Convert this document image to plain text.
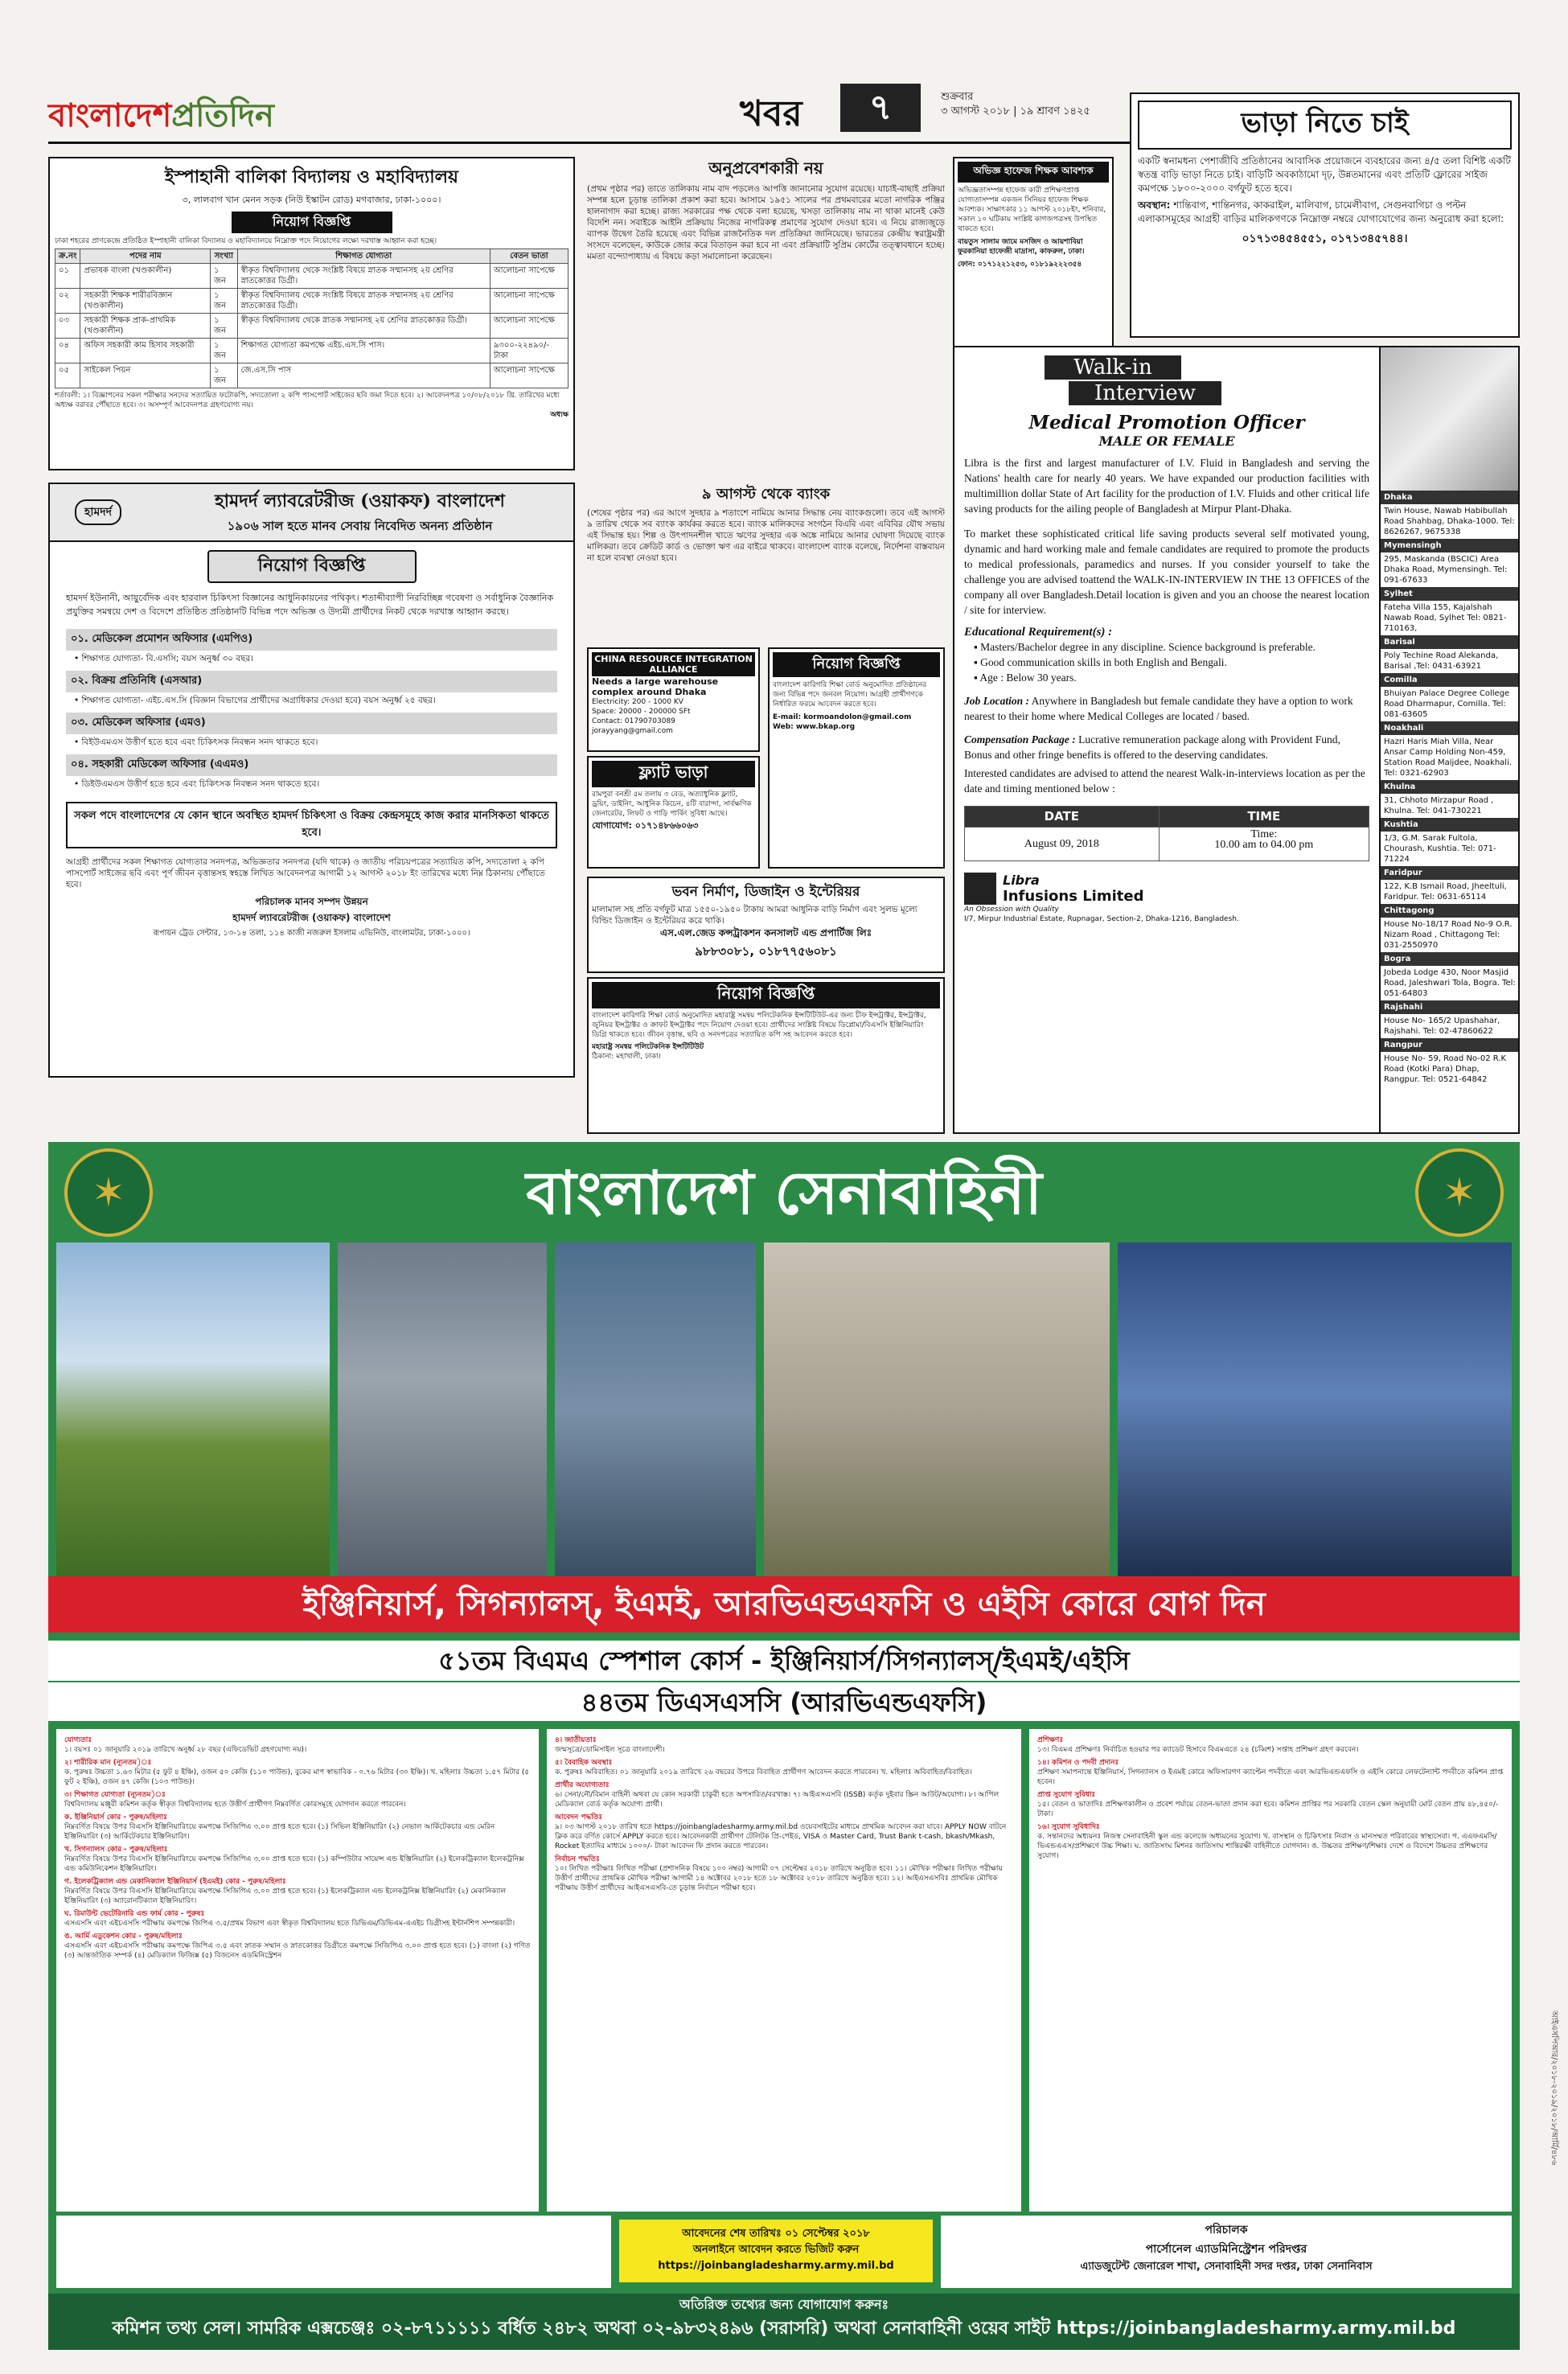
বাংলাদেশপ্রতিদিন	খবর	৭	শুক্রবার
৩ আগস্ট ২০১৮ | ১৯ শ্রাবণ ১৪২৫
ইস্পাহানী বালিকা বিদ্যালয় ও মহাবিদ্যালয়
৩, লালবাগ খান মেনন সড়ক (নিউ ইস্কাটন রোড) মগবাজার, ঢাকা-১০০০।
নিয়োগ বিজ্ঞপ্তি
ঢাকা শহরের প্রাণকেন্দ্রে প্রতিষ্ঠিত ইস্পাহানী বালিকা বিদ্যালয় ও মহাবিদ্যালয়ে নিম্নোক্ত পদে নিয়োগের লক্ষ্যে দরখাস্ত আহ্বান করা হচ্ছে।
ক্র.নং	পদের নাম	সংখ্যা	শিক্ষাগত যোগ্যতা	বেতন ভাতা
০১	প্রভাষক বাংলা (খণ্ডকালীন)	১ জন	স্বীকৃত বিশ্ববিদ্যালয় থেকে সংশ্লিষ্ট বিষয়ে স্নাতক সম্মানসহ ২য় শ্রেণির স্নাতকোত্তর ডিগ্রী।	আলোচনা সাপেক্ষে
০২	সহকারী শিক্ষক শারীরবিজ্ঞান (খণ্ডকালীন)	১ জন	স্বীকৃত বিশ্ববিদ্যালয় থেকে সংশ্লিষ্ট বিষয়ে স্নাতক সম্মানসহ ২য় শ্রেণির স্নাতকোত্তর ডিগ্রী।	আলোচনা সাপেক্ষে
০৩	সহকারী শিক্ষক প্রাক-প্রাথমিক (খণ্ডকালীন)	১ জন	স্বীকৃত বিশ্ববিদ্যালয় থেকে স্নাতক সম্মানসহ ২য় শ্রেণির স্নাতকোত্তর ডিগ্রী।	আলোচনা সাপেক্ষে
০৪	অফিস সহকারী কাম হিসাব সহকারী	১ জন	শিক্ষাগত যোগ্যতা কমপক্ষে এইচ.এস.সি পাস।	৯৩০০-২২৪৯০/- টাকা
০৫	সাইকেল পিয়ন	১ জন	জে.এস.সি পাস	আলোচনা সাপেক্ষে
শর্তাবলী: ১। বিজ্ঞাপনের সকল পরীক্ষার সনদের সত্যায়িত ফটোকপি, সদ্যতোলা ২ কপি পাসপোর্ট সাইজের ছবি জমা দিতে হবে। ২। আবেদনপত্র ১০/০৮/২০১৮ খ্রি. তারিখের মধ্যে অধ্যক্ষ বরাবর পৌঁছাতে হবে। ৩। অসম্পূর্ণ আবেদনপত্র গ্রহণযোগ্য নয়।
অধ্যক্ষ
হামদর্দ
হামদর্দ ল্যাবরেটরীজ (ওয়াকফ) বাংলাদেশ
১৯০৬ সাল হতে মানব সেবায় নিবেদিত অনন্য প্রতিষ্ঠান
নিয়োগ বিজ্ঞপ্তি
হামদর্দ ইউনানী, আয়ুর্বেদিক এবং হারবাল চিকিৎসা বিজ্ঞানের আধুনিকায়নের পথিকৃৎ। শতাব্দীব্যাপী নিরবিচ্ছিন্ন গবেষণা ও সর্বাধুনিক বৈজ্ঞানিক প্রযুক্তির সমন্বয়ে দেশ ও বিদেশে প্রতিষ্ঠিত প্রতিষ্ঠানটি বিভিন্ন পদে অভিজ্ঞ ও উদ্যমী প্রার্থীদের নিকট থেকে দরখাস্ত আহ্বান করছে।
০১. মেডিকেল প্রমোশন অফিসার (এমপিও)
• শিক্ষাগত যোগ্যতা- বি.এসসি; বয়স অনুর্ধ্ব ৩০ বছর।
০২. বিক্রয় প্রতিনিধি (এসআর)
• শিক্ষাগত যোগ্যতা- এইচ.এস.সি (বিজ্ঞান বিভাগের প্রার্থীদের অগ্রাধিকার দেওয়া হবে) বয়স অনুর্ধ্ব ২৫ বছর।
০৩. মেডিকেল অফিসার (এমও)
• বিইউএমএস উত্তীর্ণ হতে হবে এবং চিকিৎসক নিবন্ধন সনদ থাকতে হবে।
০৪. সহকারী মেডিকেল অফিসার (এএমও)
• ডিইউএমএস উত্তীর্ণ হতে হবে এবং চিকিৎসক নিবন্ধন সনদ থাকতে হবে।
সকল পদে বাংলাদেশের যে কোন স্থানে অবস্থিত হামদর্দ চিকিৎসা ও বিক্রয় কেন্দ্রসমূহে কাজ করার মানসিকতা থাকতে হবে।
আগ্রহী প্রার্থীদের সকল শিক্ষাগত যোগ্যতার সনদপত্র, অভিজ্ঞতার সনদপত্র (যদি থাকে) ও জাতীয় পরিচয়পত্রের সত্যায়িত কপি, সদ্যতোলা ২ কপি পাসপোর্ট সাইজের ছবি এবং পূর্ণ জীবন বৃত্তান্তসহ স্বহস্তে লিখিত আবেদনপত্র আগামী ১২ আগস্ট ২০১৮ ইং তারিখের মধ্যে নিম্ন ঠিকানায় পৌঁছাতে হবে।
পরিচালক মানব সম্পদ উন্নয়ন
হামদর্দ ল্যাবরেটরীজ (ওয়াকফ) বাংলাদেশ
রূপায়ন ট্রেড সেন্টার, ১৩-১৪ তলা, ১১৪ কাজী নজরুল ইসলাম এভিনিউ, বাংলামটর, ঢাকা-১০০০।
অনুপ্রবেশকারী নয়
(প্রথম পৃষ্ঠার পর) তাতে তালিকায় নাম বাদ পড়লেও আপত্তি জানানোর সুযোগ রয়েছে। যাচাই-বাছাই প্রক্রিয়া সম্পন্ন হলে চূড়ান্ত তালিকা প্রকাশ করা হবে। আসামে ১৯৫১ সালের পর প্রথমবারের মতো নাগরিক পঞ্জির হালনাগাদ করা হচ্ছে। রাজ্য সরকারের পক্ষ থেকে বলা হয়েছে, খসড়া তালিকায় নাম না থাকা মানেই কেউ বিদেশি নন। সবাইকে আইনি প্রক্রিয়ায় নিজের নাগরিকত্ব প্রমাণের সুযোগ দেওয়া হবে। এ নিয়ে রাজ্যজুড়ে ব্যাপক উদ্বেগ তৈরি হয়েছে এবং বিভিন্ন রাজনৈতিক দল প্রতিক্রিয়া জানিয়েছে। ভারতের কেন্দ্রীয় স্বরাষ্ট্রমন্ত্রী সংসদে বলেছেন, কাউকে জোর করে বিতাড়ন করা হবে না এবং প্রক্রিয়াটি সুপ্রিম কোর্টের তত্ত্বাবধানে হচ্ছে। মমতা বন্দ্যোপাধ্যায় এ বিষয়ে কড়া সমালোচনা করেছেন।
অভিজ্ঞ হাফেজ শিক্ষক আবশ্যক
অভিজ্ঞতাসম্পন্ন হাফেজ কারী প্রশিক্ষণপ্রাপ্ত যোগ্যতাসম্পন্ন একজন সিনিয়র হাফেজ শিক্ষক আবশ্যক। সাক্ষাৎকার ১১ আগস্ট ২০১৮ইং, শনিবার, সকাল ১০ ঘটিকায় সংশ্লিষ্ট কাগজপত্রসহ উপস্থিত থাকতে হবে।
বায়তুস সালাম জামে মসজিদ ও আয়শাবিয়া ফুরকানিয়া হাফেজী মাদ্রাসা, কাফরুল, ঢাকা।
ফোন: ০১৭১২২১২৫৩, ০১৮১৯২২২৩৫৪
৯ আগস্ট থেকে ব্যাংক
(শেষের পৃষ্ঠার পর) এর আগে সুদহার ৯ শতাংশে নামিয়ে আনার সিদ্ধান্ত নেয় ব্যাংকগুলো। তবে এই আগস্ট ৯ তারিখ থেকে সব ব্যাংক কার্যকর করতে হবে। ব্যাংক মালিকদের সংগঠন বিএবি এবং এবিবির যৌথ সভায় এই সিদ্ধান্ত হয়। শিল্প ও উৎপাদনশীল খাতে ঋণের সুদহার এক অঙ্কে নামিয়ে আনার ঘোষণা দিয়েছে ব্যাংক মালিকরা। তবে ক্রেডিট কার্ড ও ভোক্তা ঋণ এর বাইরে থাকবে। বাংলাদেশ ব্যাংক বলেছে, নির্দেশনা বাস্তবায়ন না হলে ব্যবস্থা নেওয়া হবে।
CHINA RESOURCE INTEGRATION ALLIANCE
Needs a large warehouse complex around Dhaka
Electricity: 200 - 1000 KV
Space: 20000 - 200000 SFt
Contact: 01790703089
jorayyang@gmail.com
ফ্ল্যাট ভাড়া
রামপুরা বনশ্রী ৫ম তলায় ৩ বেড, অত্যাধুনিক ফ্ল্যাট, ড্রয়িং, ডাইনিং, আধুনিক কিচেন, ৪টি বারান্দা, সার্বক্ষণিক জেনারেটর, লিফট ও গাড়ি পার্কিং সুবিধা আছে।
যোগাযোগ: ০১৭১৪৮৬৬০৬৩
নিয়োগ বিজ্ঞপ্তি
বাংলাদেশ কারিগরি শিক্ষা বোর্ড অনুমোদিত প্রতিষ্ঠানের জন্য বিভিন্ন পদে জনবল নিয়োগ। আগ্রহী প্রার্থীগণকে নির্ধারিত ফরমে আবেদন করতে হবে।
E-mail: kormoandolon@gmail.com
Web: www.bkap.org
ভবন নির্মাণ, ডিজাইন ও ইন্টেরিয়র
মালামাল সহ প্রতি বর্গফুট মাত্র ১৫৫০-১৯৫০ টাকায় আমরা আধুনিক বাড়ি নির্মাণ এবং সুলভ মূল্যে বিল্ডিং ডিজাইন ও ইন্টেরিয়র করে থাকি।
এস.এল.জেড কন্সট্রাকশন কনসালট এন্ড প্রপার্টিজ লিঃ
৯৮৮৩০৮১, ০১৮৭৭৫৬০৮১
নিয়োগ বিজ্ঞপ্তি
বাংলাদেশ কারিগরি শিক্ষা বোর্ড অনুমোদিত মহারাষ্ট্র সমন্বয় পলিটেকনিক ইন্সটিটিউট-এর জন্য চীফ ইন্সট্রাক্টর, ইন্সট্রাক্টর, জুনিয়র ইন্সট্রাক্টর ও ক্রাফট ইন্সট্রাক্টর পদে নিয়োগ দেওয়া হবে। প্রার্থীদের সংশ্লিষ্ট বিষয়ে ডিপ্লোমা/বিএসসি ইঞ্জিনিয়ারিং ডিগ্রি থাকতে হবে। জীবন বৃত্তান্ত, ছবি ও সনদপত্রের সত্যায়িত কপি সহ আবেদন করতে হবে।
মহারাষ্ট্র সমন্বয় পলিটেকনিক ইন্সটিটিউট
ঠিকানা: মহাখালী, ঢাকা।
ভাড়া নিতে চাই
একটি স্বনামধন্য পেশাজীবি প্রতিষ্ঠানের আবাসিক প্রয়োজনে ব্যবহারের জন্য ৪/৫ তলা বিশিষ্ট একটি স্বতন্ত্র বাড়ি ভাড়া নিতে চাই। বাড়িটি অবকাঠামো দৃঢ়, উন্নতমানের এবং প্রতিটি ফ্লোরের সাইজ কমপক্ষে ১৮০০-২০০০ বর্গফুট হতে হবে।
অবস্থান: শান্তিবাগ, শান্তিনগর, কাকরাইল, মালিবাগ, চামেলীবাগ, সেগুনবাগিচা ও পল্টন এলাকাসমূহের আগ্রহী বাড়ির মালিকগণকে নিম্নোক্ত নম্বরে যোগাযোগের জন্য অনুরোধ করা হলো:
০১৭১৩৪৫৪৫৫১, ০১৭১৩৪৫৭৪৪।
Walk-in
Interview
Medical Promotion Officer
MALE OR FEMALE
Libra is the first and largest manufacturer of I.V. Fluid in Bangladesh and serving the Nations' health care for nearly 40 years. We have expanded our production facilities with multimillion dollar State of Art facility for the production of I.V. Fluids and other critical life saving products for the ailing people of Bangladesh at Mirpur Plant-Dhaka.
To market these sophisticated critical life saving products several self motivated young, dynamic and hard working male and female candidates are required to promote the products to medical professionals, paramedics and nurses. If you consider yourself to take the challenge you are advised toattend the WALK-IN-INTERVIEW IN THE 13 OFFICES of the company all over Bangladesh.Detail location is given and you an choose the nearest location / site for interview.
Educational Requirement(s) :
▪ Masters/Bachelor degree in any discipline. Science background is preferable.
▪ Good communication skills in both English and Bengali.
▪ Age : Below 30 years.
Job Location : Anywhere in Bangladesh but female candidate they have a option to work nearest to their home where Medical Colleges are located / based.
Compensation Package : Lucrative remuneration package along with Provident Fund, Bonus and other fringe benefits is offered to the deserving candidates.
Interested candidates are advised to attend the nearest Walk-in-interviews location as per the date and timing mentioned below :
DATE	TIME
August 09, 2018	Time:
10.00 am to 04.00 pm
Libra
Infusions Limited
An Obsession with Quality
I/7, Mirpur Industrial Estate, Rupnagar, Section-2, Dhaka-1216, Bangladesh.
Dhaka
Twin House, Nawab Habibullah Road Shahbag, Dhaka-1000. Tel: 8626267, 9675338
Mymensingh
295, Maskanda (BSCIC) Area Dhaka Road, Mymensingh. Tel: 091-67633
Sylhet
Fateha Villa 155, Kajalshah Nawab Road, Sylhet Tel: 0821-710163,
Barisal
Poly Techine Road Alekanda, Barisal ,Tel: 0431-63921
Comilla
Bhuiyan Palace Degree College Road Dharmapur, Comilla. Tel: 081-63605
Noakhali
Hazri Haris Miah Villa, Near Ansar Camp Holding Non-459, Station Road Maijdee, Noakhali. Tel: 0321-62903
Khulna
31, Chhoto Mirzapur Road , Khulna. Tel: 041-730221
Kushtia
1/3, G.M. Sarak Fultola, Chourash, Kushtia. Tel: 071-71224
Faridpur
122, K.B Ismail Road, Jheeltuli, Faridpur. Tel: 0631-65114
Chittagong
House No-18/17 Road No-9 O.R. Nizam Road , Chittagong Tel: 031-2550970
Bogra
Jobeda Lodge 430, Noor Masjid Road, Jaleshwari Tola, Bogra. Tel: 051-64803
Rajshahi
House No- 165/2 Upashahar, Rajshahi. Tel: 02-47860622
Rangpur
House No- 59, Road No-02 R.K Road (Kotki Para) Dhap, Rangpur. Tel: 0521-64842
✶	✶
বাংলাদেশ সেনাবাহিনী
ইঞ্জিনিয়ার্স, সিগন্যালস্, ইএমই, আরভিএন্ডএফসি ও এইসি কোরে যোগ দিন
৫১তম বিএমএ স্পেশাল কোর্স - ইঞ্জিনিয়ার্স/সিগন্যালস্/ইএমই/এইসি
৪৪তম ডিএসএসসি (আরভিএন্ডএফসি)
যোগ্যতাঃ
১। বয়সঃ ০১ জানুয়ারি ২০১৯ তারিখে অনুর্ধ্ব ২৮ বছর (এফিডেভিট গ্রহণযোগ্য নয়)।
২। শারীরিক মান (ন্যূনতম)ঃ
ক. পুরুষঃ উচ্চতা ১.৬৩ মিটার (৫ ফুট ৪ ইঞ্চি), ওজন ৫০ কেজি (১১০ পাউন্ড), বুকের মাপ স্বাভাবিক - ০.৭৬ মিটার (৩০ ইঞ্চি)। খ. মহিলাঃ উচ্চতা ১.৫৭ মিটার (৫ ফুট ২ ইঞ্চি), ওজন ৪৭ কেজি (১০৩ পাউন্ড)।
৩। শিক্ষাগত যোগ্যতা (ন্যূনতম)ঃ
বিশ্ববিদ্যালয় মঞ্জুরী কমিশন কর্তৃক স্বীকৃত বিশ্ববিদ্যালয় হতে উত্তীর্ণ প্রার্থীগণ নিম্নবর্ণিত কোরসমূহে যোগদান করতে পারবেন।
ক. ইঞ্জিনিয়ার্স কোর - পুরুষ/মহিলাঃ
নিম্নবর্ণিত বিষয়ে উপর বিএসসি ইঞ্জিনিয়ারিংয়ে কমপক্ষে সিজিপিএ ৩.০০ প্রাপ্ত হতে হবে। (১) সিভিল ইঞ্জিনিয়ারিং (২) নেভাল আর্কিটেকচার এন্ড মেরিন ইঞ্জিনিয়ারিং (৩) আর্কিটেকচার ইঞ্জিনিয়ারিং।
খ. সিগন্যালস কোর - পুরুষ/মহিলাঃ
নিম্নবর্ণিত বিষয়ে উপর বিএসসি ইঞ্জিনিয়ারিংয়ে কমপক্ষে সিজিপিএ ৩.০০ প্রাপ্ত হতে হবে। (১) কম্পিউটার সায়েন্স এন্ড ইঞ্জিনিয়ারিং (২) ইলেকট্রিক্যাল ইলেকট্রনিক্স এন্ড কমিউনিকেশন ইঞ্জিনিয়ারিং।
গ. ইলেকট্রিক্যাল এন্ড মেকানিক্যাল ইঞ্জিনিয়ার্স (ইএমই) কোর - পুরুষ/মহিলাঃ
নিম্নবর্ণিত বিষয়ে উপর বিএসসি ইঞ্জিনিয়ারিংয়ে কমপক্ষে সিজিপিএ ৩.০০ প্রাপ্ত হতে হবে। (১) ইলেকট্রিক্যাল এন্ড ইলেকট্রনিক্স ইঞ্জিনিয়ারিং (২) মেকানিক্যাল ইঞ্জিনিয়ারিং (৩) অ্যারোনটিক্যাল ইঞ্জিনিয়ারিং।
ঘ. রিমাউন্ট ভেটেরিনারি এন্ড ফার্ম কোর - পুরুষঃ
এসএসসি এবং এইচএসসি পরীক্ষায় কমপক্ষে জিপিএ ৩.৫/প্রথম বিভাগ এবং স্বীকৃত বিশ্ববিদ্যালয় হতে ডিভিএম/ডিভিএম-এএইচ ডিগ্রীসহ ইন্টার্নশিপ সম্পন্নকারী।
ঙ. আর্মি এডুকেশন কোর - পুরুষ/মহিলাঃ
এসএসসি এবং এইচএসসি পরীক্ষায় কমপক্ষে জিপিএ ৩.৫ এবং স্নাতক সম্মান ও স্নাতকোত্তর ডিগ্রীতে কমপক্ষে সিজিপিএ ৩.০০ প্রাপ্ত হতে হবে। (১) বাংলা (২) গণিত (৩) আন্তর্জাতিক সম্পর্ক (৪) মেডিক্যাল ফিজিক্স (৫) বিজনেস এডমিনিস্ট্রেশন
৪। জাতীয়তাঃ
জন্মসূত্রে/ডোমিসাইল সূত্রে বাংলাদেশী।
৫। বৈবাহিক অবস্থাঃ
ক. পুরুষঃ অবিবাহিত। ০১ জানুয়ারি ২০১৯ তারিখে ২৬ বছরের উপরে বিবাহিত প্রার্থীগণ আবেদন করতে পারবেন। খ. মহিলাঃ অবিবাহিত/বিবাহিত।
প্রার্থীর অযোগ্যতাঃ
৬। সেনা/নৌ/বিমান বাহিনী অথবা যে কোন সরকারী চাকুরী হতে অপসারিত/বরখাস্ত। ৭। আইএসএসবি (ISSB) কর্তৃক দুইবার স্ক্রিন আউট/অযোগ্য। ৮। আপিল মেডিক্যাল বোর্ড কর্তৃক অযোগ্য প্রার্থী।
আবেদন পদ্ধতিঃ
৯। ০৩ আগস্ট ২০১৮ তারিখ হতে https://joinbangladesharmy.army.mil.bd ওয়েবসাইটের মাধ্যমে প্রাথমিক আবেদন করা যাবে। APPLY NOW বাটনে ক্লিক করে বর্ণিত কোর্সে APPLY করতে হবে। আবেদনকারী প্রার্থীগণ টেলিটক প্রি-পেইড, VISA ও Master Card, Trust Bank t-cash, bkash/Mkash, Rocket ইত্যাদির মাধ্যমে ১০০০/- টাকা আবেদন ফি প্রদান করতে পারবেন।
নির্বাচন পদ্ধতিঃ
১০। লিখিত পরীক্ষাঃ লিখিত পরীক্ষা (প্রশাসনিক বিষয়ে ১০০ নম্বর) আগামী ০৭ সেপ্টেম্বর ২০১৮ তারিখে অনুষ্ঠিত হবে। ১১। মৌখিক পরীক্ষাঃ লিখিত পরীক্ষায় উত্তীর্ণ প্রার্থীদের প্রাথমিক মৌখিক পরীক্ষা আগামী ১৪ অক্টোবর ২০১৮ হতে ১৮ অক্টোবর ২০১৮ তারিখে অনুষ্ঠিত হবে। ১২। আইএসএসবিঃ প্রাথমিক মৌখিক পরীক্ষায় উত্তীর্ণ প্রার্থীদের আইএসএসবি-তে চূড়ান্ত নির্বাচন পরীক্ষা হবে।
প্রশিক্ষণঃ
১৩। বিএমএ প্রশিক্ষণঃ নির্বাচিত হওয়ার পর ক্যাডেট হিসাবে বিএমএতে ২৪ (চব্বিশ) সপ্তাহ প্রশিক্ষণ গ্রহণ করবেন।
১৪। কমিশন ও পদবী প্রদানঃ
প্রশিক্ষণ সমাপনান্তে ইঞ্জিনিয়ার্স, সিগন্যালস ও ইএমই কোরে অফিসারগণ ক্যাপ্টেন পদবীতে এবং আরভিএন্ডএফসি ও এইসি কোরে লেফটেন্যান্ট পদবীতে কমিশন প্রাপ্ত হবেন।
প্রাপ্ত সুযোগ সুবিধাঃ
১৫। বেতন ও ভাতাদিঃ প্রশিক্ষণকালীন ও প্রবেশ পর্যায়ে বেতন-ভাতা প্রদান করা হবে। কমিশন প্রাপ্তির পর সরকারি বেতন স্কেল অনুযায়ী মোট বেতন প্রায় ৪৮,৪৫০/- টাকা।
১৬। সুযোগ সুবিধাদিঃ
ক. সন্তানদের অধ্যয়নঃ নিজস্ব সেনাবাহিনী স্কুল এন্ড কলেজে অধ্যয়নের সুযোগ। খ. বাসস্থান ও চিকিৎসাঃ নিবাস ও মানসম্মত পরিবারের স্বাস্থ্যসেবা। গ. এএফএমসি/ভিএন্ডএএস/প্রশিক্ষণে উচ্চ শিক্ষা। ঘ. জাতিসংঘ মিশনঃ জাতিসংঘ শান্তিরক্ষী বাহিনীতে যোগদান। ঙ. উচ্চতর প্রশিক্ষণ/শিক্ষাঃ দেশে ও বিদেশে উচ্চতর প্রশিক্ষণের সুযোগ।
আবেদনের শেষ তারিখঃ ০১ সেপ্টেম্বর ২০১৮
অনলাইনে আবেদন করতে ভিজিট করুন
https://joinbangladesharmy.army.mil.bd
পরিচালক
পার্সোনেল এ্যাডমিনিস্ট্রেশন পরিদপ্তর
এ্যাডজুটেন্ট জেনারেল শাখা, সেনাবাহিনী সদর দপ্তর, ঢাকা সেনানিবাস
অতিরিক্ত তথ্যের জন্য যোগাযোগ করুনঃ
কমিশন তথ্য সেল। সামরিক এক্সচেঞ্জঃ ০২-৮৭১১১১১ বর্ধিত ২৪৮২ অথবা ০২-৯৮৩২৪৯৬ (সরাসরি) অথবা সেনাবাহিনী ওয়েব সাইট https://joinbangladesharmy.army.mil.bd
আইএসপিআর/২০১৮-২০১৯/২০১৮/আর্মি/৪৮৬
